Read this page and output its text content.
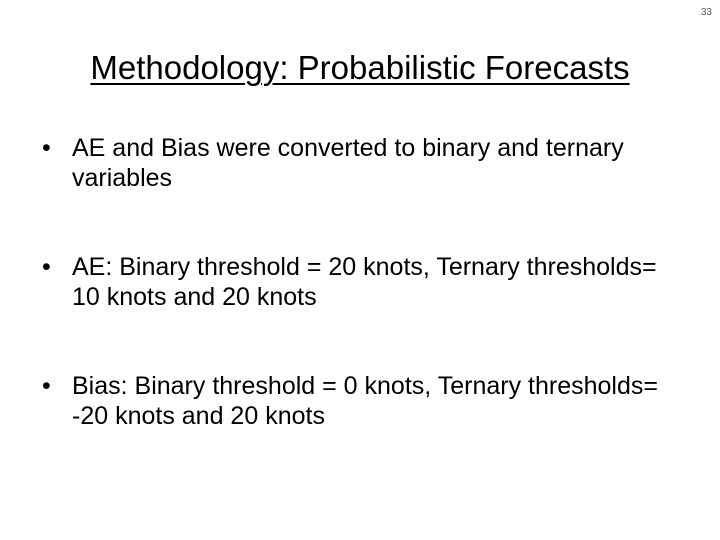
33
Methodology: Probabilistic Forecasts
• AE and Bias were converted to binary and ternary variables
• AE: Binary threshold = 20 knots, Ternary thresholds= 10 knots and 20 knots
• Bias: Binary threshold = 0 knots, Ternary thresholds= -20 knots and 20 knots
